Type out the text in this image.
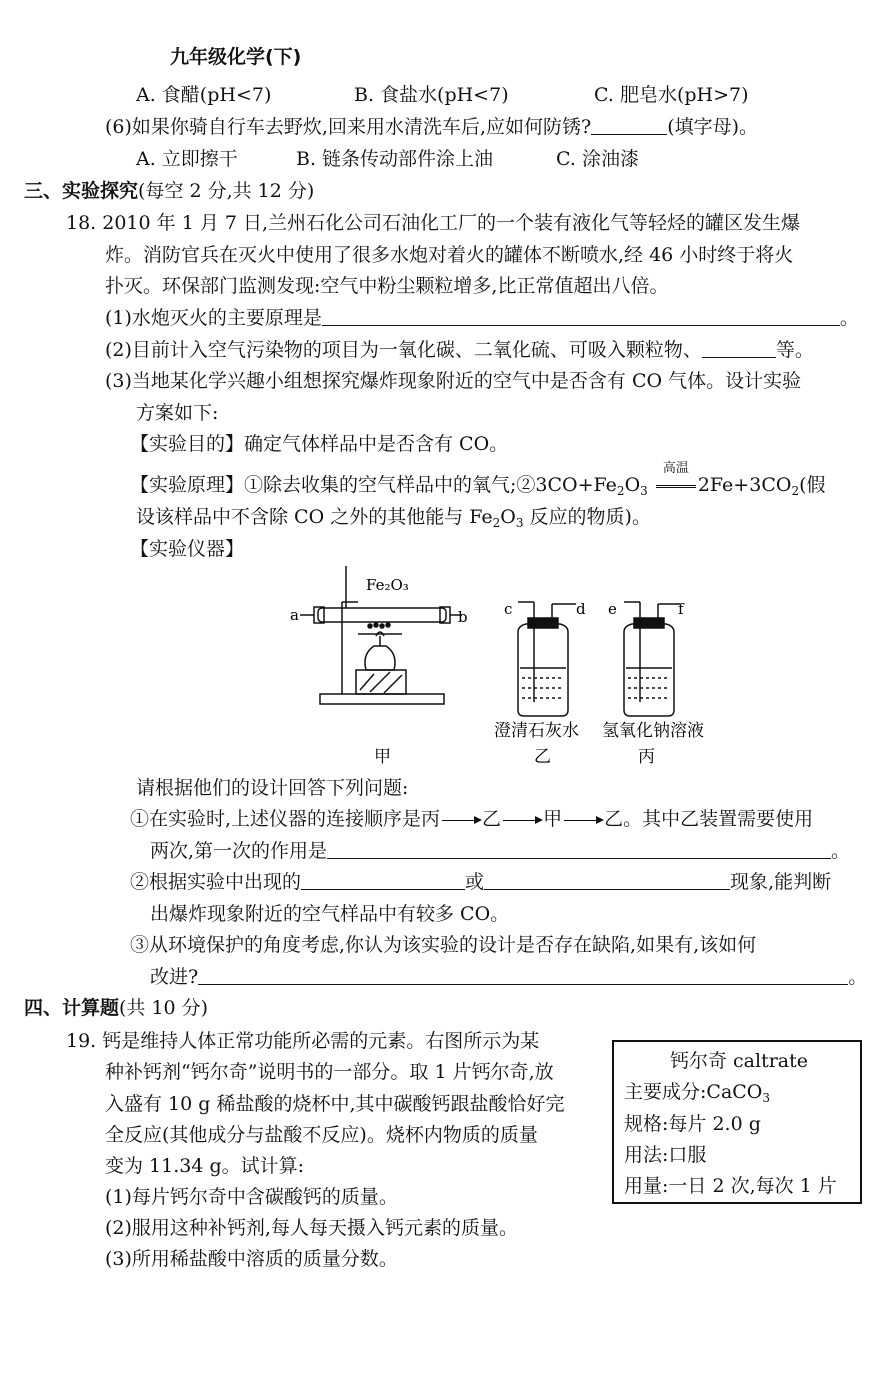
九年级化学(下)
A. 食醋(pH<7)	B. 食盐水(pH<7)	C. 肥皂水(pH>7)
(6)如果你骑自行车去野炊,回来用水清洗车后,应如何防锈?	(填字母)。
A. 立即擦干	B. 链条传动部件涂上油	C. 涂油漆
三、实验探究(每空 2 分,共 12 分)
18. 2010 年 1 月 7 日,兰州石化公司石油化工厂的一个装有液化气等轻烃的罐区发生爆
炸。消防官兵在灭火中使用了很多水炮对着火的罐体不断喷水,经 46 小时终于将火
扑灭。环保部门监测发现:空气中粉尘颗粒增多,比正常值超出八倍。
(1)水炮灭火的主要原理是	。
(2)目前计入空气污染物的项目为一氧化碳、二氧化硫、可吸入颗粒物、	等。
(3)当地某化学兴趣小组想探究爆炸现象附近的空气中是否含有 CO 气体。设计实验
方案如下:
【实验目的】确定气体样品中是否含有 CO。
【实验原理】①除去收集的空气样品中的氧气$;②3CO+Fe_2O_3$
高温
$2Fe+3CO_2$(假
设该样品中不含除 CO 之外的其他能与 $Fe_2O_3$ 反应的物质)。
【实验仪器】
Fe₂O₃
a	b c	d e	f
澄清石灰水 氢氧化钠溶液
甲	乙	丙
请根据他们的设计回答下列问题:
①在实验时,上述仪器的连接顺序是丙 乙 甲 乙。其中乙装置需要使用
两次,第一次的作用是	。
②根据实验中出现的	或	现象,能判断
出爆炸现象附近的空气样品中有较多 CO。
③从环境保护的角度考虑,你认为该实验的设计是否存在缺陷,如果有,该如何
改进?	。
四、计算题(共 10 分)
19. 钙是维持人体正常功能所必需的元素。右图所示为某
种补钙剂“钙尔奇”说明书的一部分。取 1 片钙尔奇,放
入盛有 10 g 稀盐酸的烧杯中,其中碳酸钙跟盐酸恰好完
全反应(其他成分与盐酸不反应)。烧杯内物质的质量
变为 11.34 g。试计算:
(1)每片钙尔奇中含碳酸钙的质量。
(2)服用这种补钙剂,每人每天摄入钙元素的质量。
(3)所用稀盐酸中溶质的质量分数。
钙尔奇 caltrate
主要成分:CaCO$_3$
规格:每片 2.0 g
用法:口服
用量:一日 2 次,每次 1 片
